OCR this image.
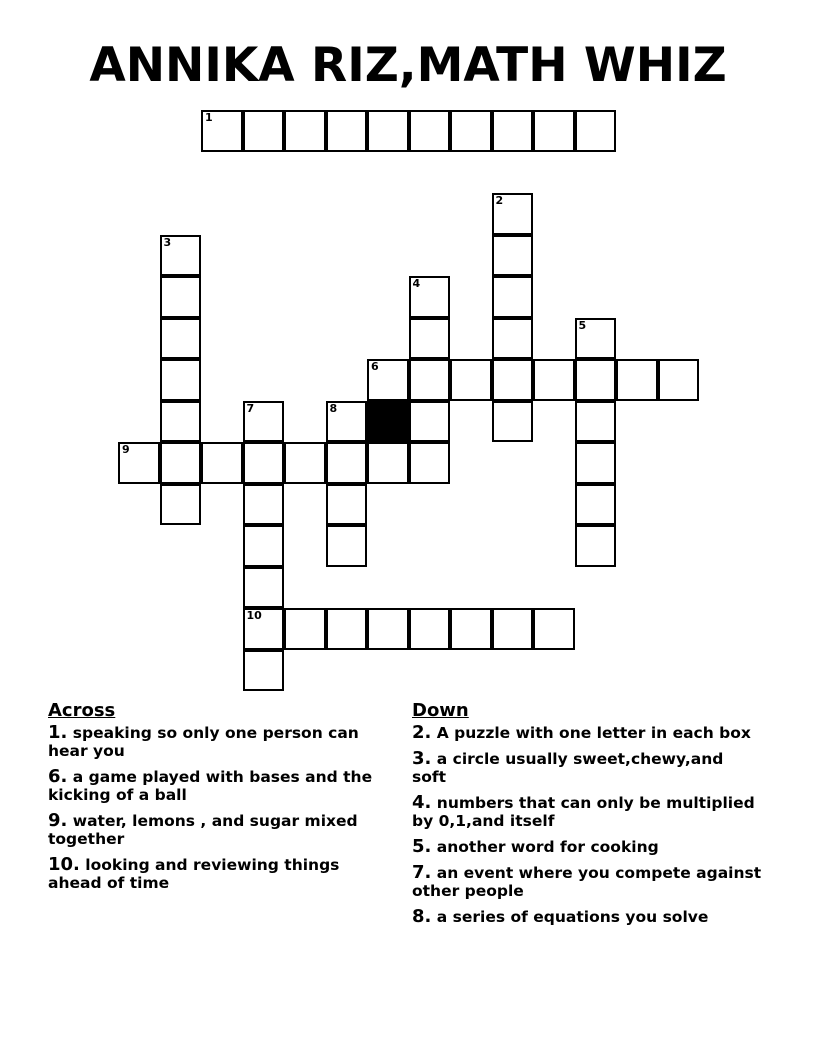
ANNIKA RIZ,MATH WHIZ
1
2
3
4
5
6
9
7
10
8
Across
1. speaking so only one person can hear you
6. a game played with bases and the kicking of a ball
9. water, lemons , and sugar mixed together
10. looking and reviewing things ahead of time
Down
2. A puzzle with one letter in each box
3. a circle usually sweet,chewy,and soft
4. numbers that can only be multiplied by 0,1,and itself
5. another word for cooking
7. an event where you compete against other people
8. a series of equations you solve
